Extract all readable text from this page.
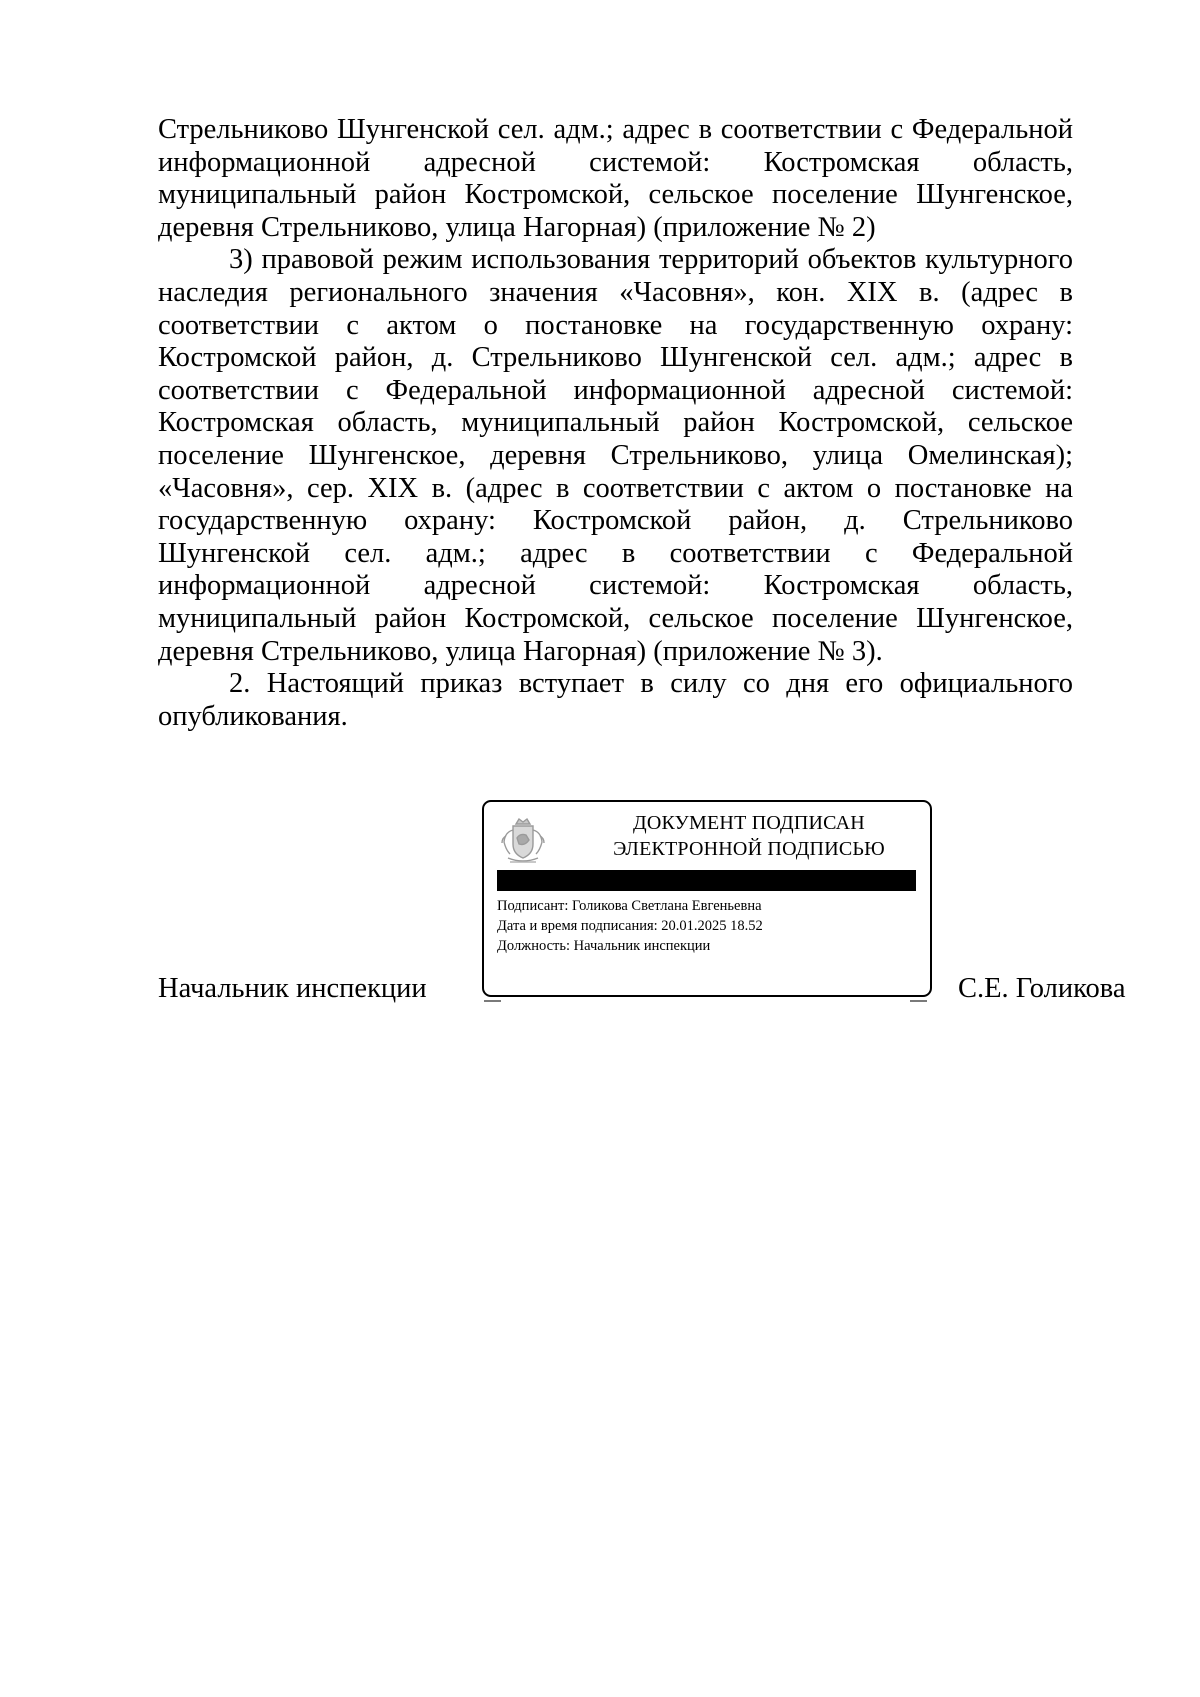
Стрельниково Шунгенской сел. адм.; адрес в соответствии с Федеральной информационной адресной системой: Костромская область, муниципальный район Костромской, сельское поселение Шунгенское, деревня Стрельниково, улица Нагорная) (приложение № 2)

3) правовой режим использования территорий объектов культурного наследия регионального значения «Часовня», кон. XIX в. (адрес в соответствии с актом о постановке на государственную охрану: Костромской район, д. Стрельниково Шунгенской сел. адм.; адрес в соответствии с Федеральной информационной адресной системой: Костромская область, муниципальный район Костромской, сельское поселение Шунгенское, деревня Стрельниково, улица Омелинская); «Часовня», сер. XIX в. (адрес в соответствии с актом о постановке на государственную охрану: Костромской район, д. Стрельниково Шунгенской сел. адм.; адрес в соответствии с Федеральной информационной адресной системой: Костромская область, муниципальный район Костромской, сельское поселение Шунгенское, деревня Стрельниково, улица Нагорная) (приложение № 3).

2. Настоящий приказ вступает в силу со дня его официального опубликования.

Начальник инспекции
ДОКУМЕНТ ПОДПИСАН
ЭЛЕКТРОННОЙ ПОДПИСЬЮ
Подписант: Голикова Светлана Евгеньевна
Дата и время подписания: 20.01.2025 18.52
Должность: Начальник инспекции
С.Е. Голикова
